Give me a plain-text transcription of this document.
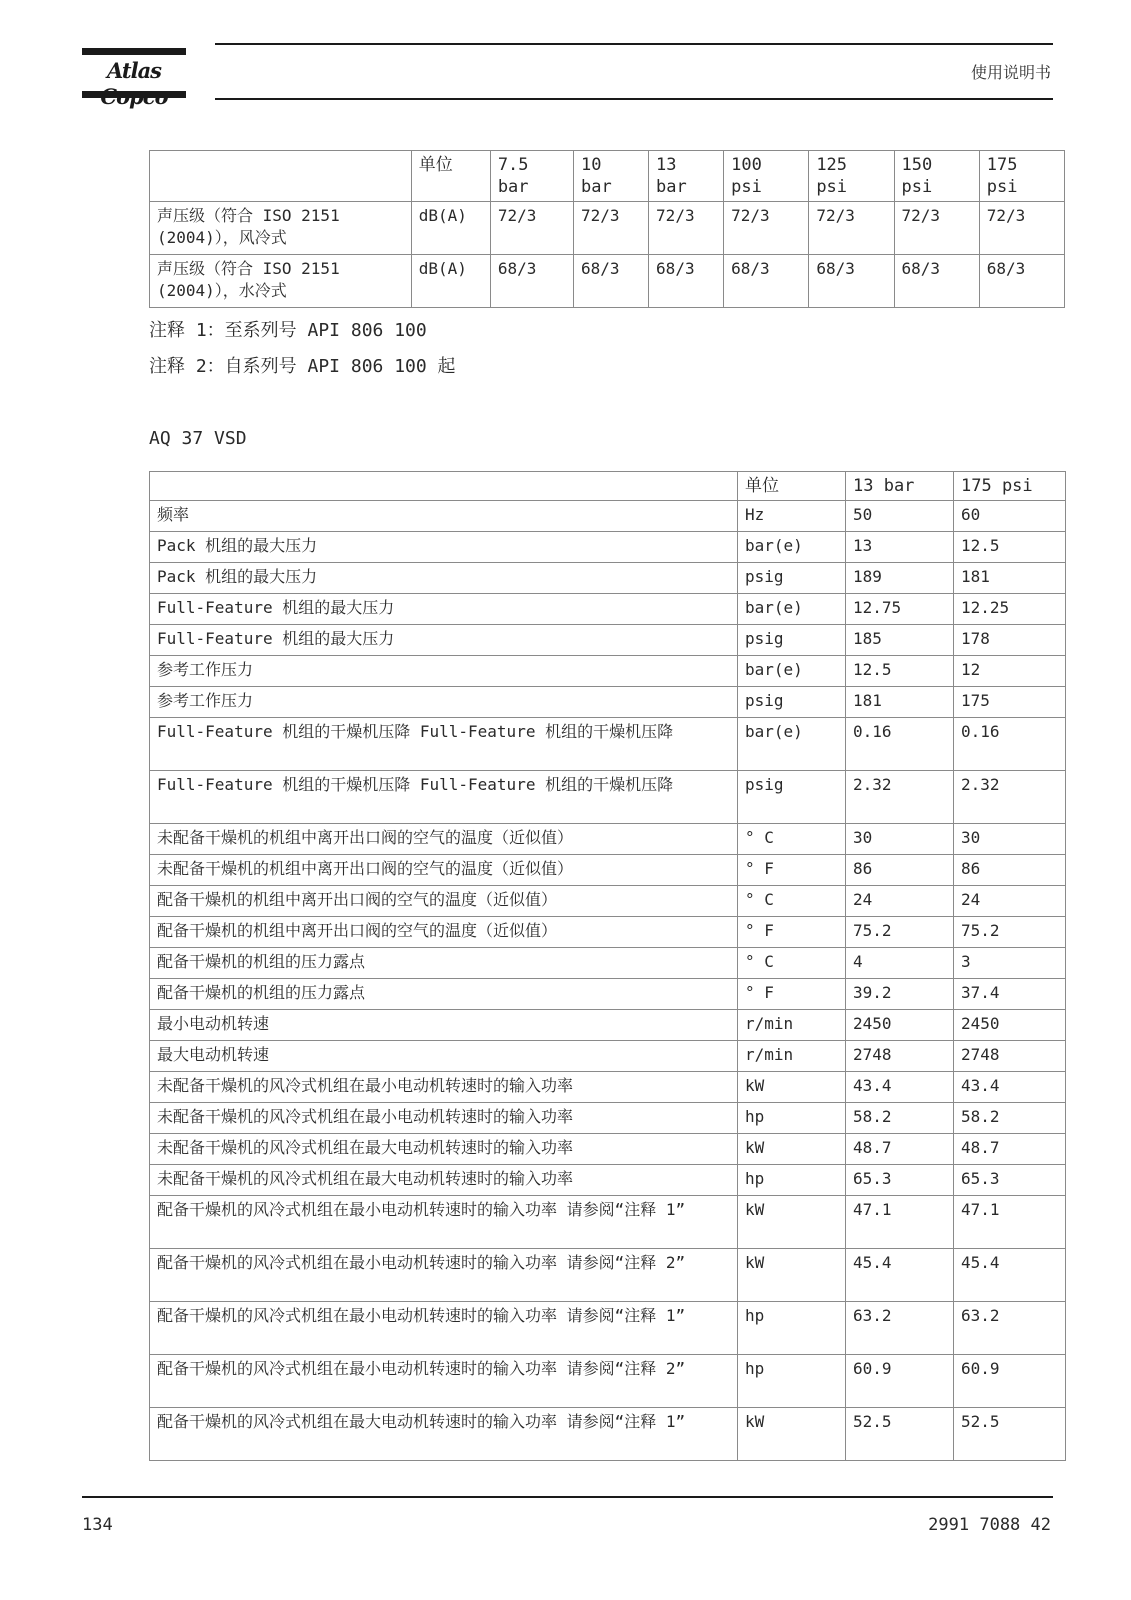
Atlas	使用说明书
	单位	7.5 bar	10 bar	13 bar	100 psi	125 psi	150 psi	175 psi
声压级（符合 ISO 2151 (2004)），风冷式	dB(A)	72/3	72/3	72/3	72/3	72/3	72/3	72/3
声压级（符合 ISO 2151 (2004)），水冷式	dB(A)	68/3	68/3	68/3	68/3	68/3	68/3	68/3
注释 1：至系列号 API 806 100
注释 2：自系列号 API 806 100 起
AQ 37 VSD
	单位	13 bar	175 psi
频率	Hz	50	60
Pack 机组的最大压力	bar(e)	13	12.5
Pack 机组的最大压力	psig	189	181
Full-Feature 机组的最大压力	bar(e)	12.75	12.25
Full-Feature 机组的最大压力	psig	185	178
参考工作压力	bar(e)	12.5	12
参考工作压力	psig	181	175
Full-Feature 机组的干燥机压降 Full-Feature 机组的干燥机压降	bar(e)	0.16	0.16
Full-Feature 机组的干燥机压降 Full-Feature 机组的干燥机压降	psig	2.32	2.32
未配备干燥机的机组中离开出口阀的空气的温度（近似值）	° C	30	30
未配备干燥机的机组中离开出口阀的空气的温度（近似值）	° F	86	86
配备干燥机的机组中离开出口阀的空气的温度（近似值）	° C	24	24
配备干燥机的机组中离开出口阀的空气的温度（近似值）	° F	75.2	75.2
配备干燥机的机组的压力露点	° C	4	3
配备干燥机的机组的压力露点	° F	39.2	37.4
最小电动机转速	r/min	2450	2450
最大电动机转速	r/min	2748	2748
未配备干燥机的风冷式机组在最小电动机转速时的输入功率	kW	43.4	43.4
未配备干燥机的风冷式机组在最小电动机转速时的输入功率	hp	58.2	58.2
未配备干燥机的风冷式机组在最大电动机转速时的输入功率	kW	48.7	48.7
未配备干燥机的风冷式机组在最大电动机转速时的输入功率	hp	65.3	65.3
配备干燥机的风冷式机组在最小电动机转速时的输入功率 请参阅“注释 1”	kW	47.1	47.1
配备干燥机的风冷式机组在最小电动机转速时的输入功率 请参阅“注释 2”	kW	45.4	45.4
配备干燥机的风冷式机组在最小电动机转速时的输入功率 请参阅“注释 1”	hp	63.2	63.2
配备干燥机的风冷式机组在最小电动机转速时的输入功率 请参阅“注释 2”	hp	60.9	60.9
配备干燥机的风冷式机组在最大电动机转速时的输入功率 请参阅“注释 1”	kW	52.5	52.5
134	2991 7088 42
